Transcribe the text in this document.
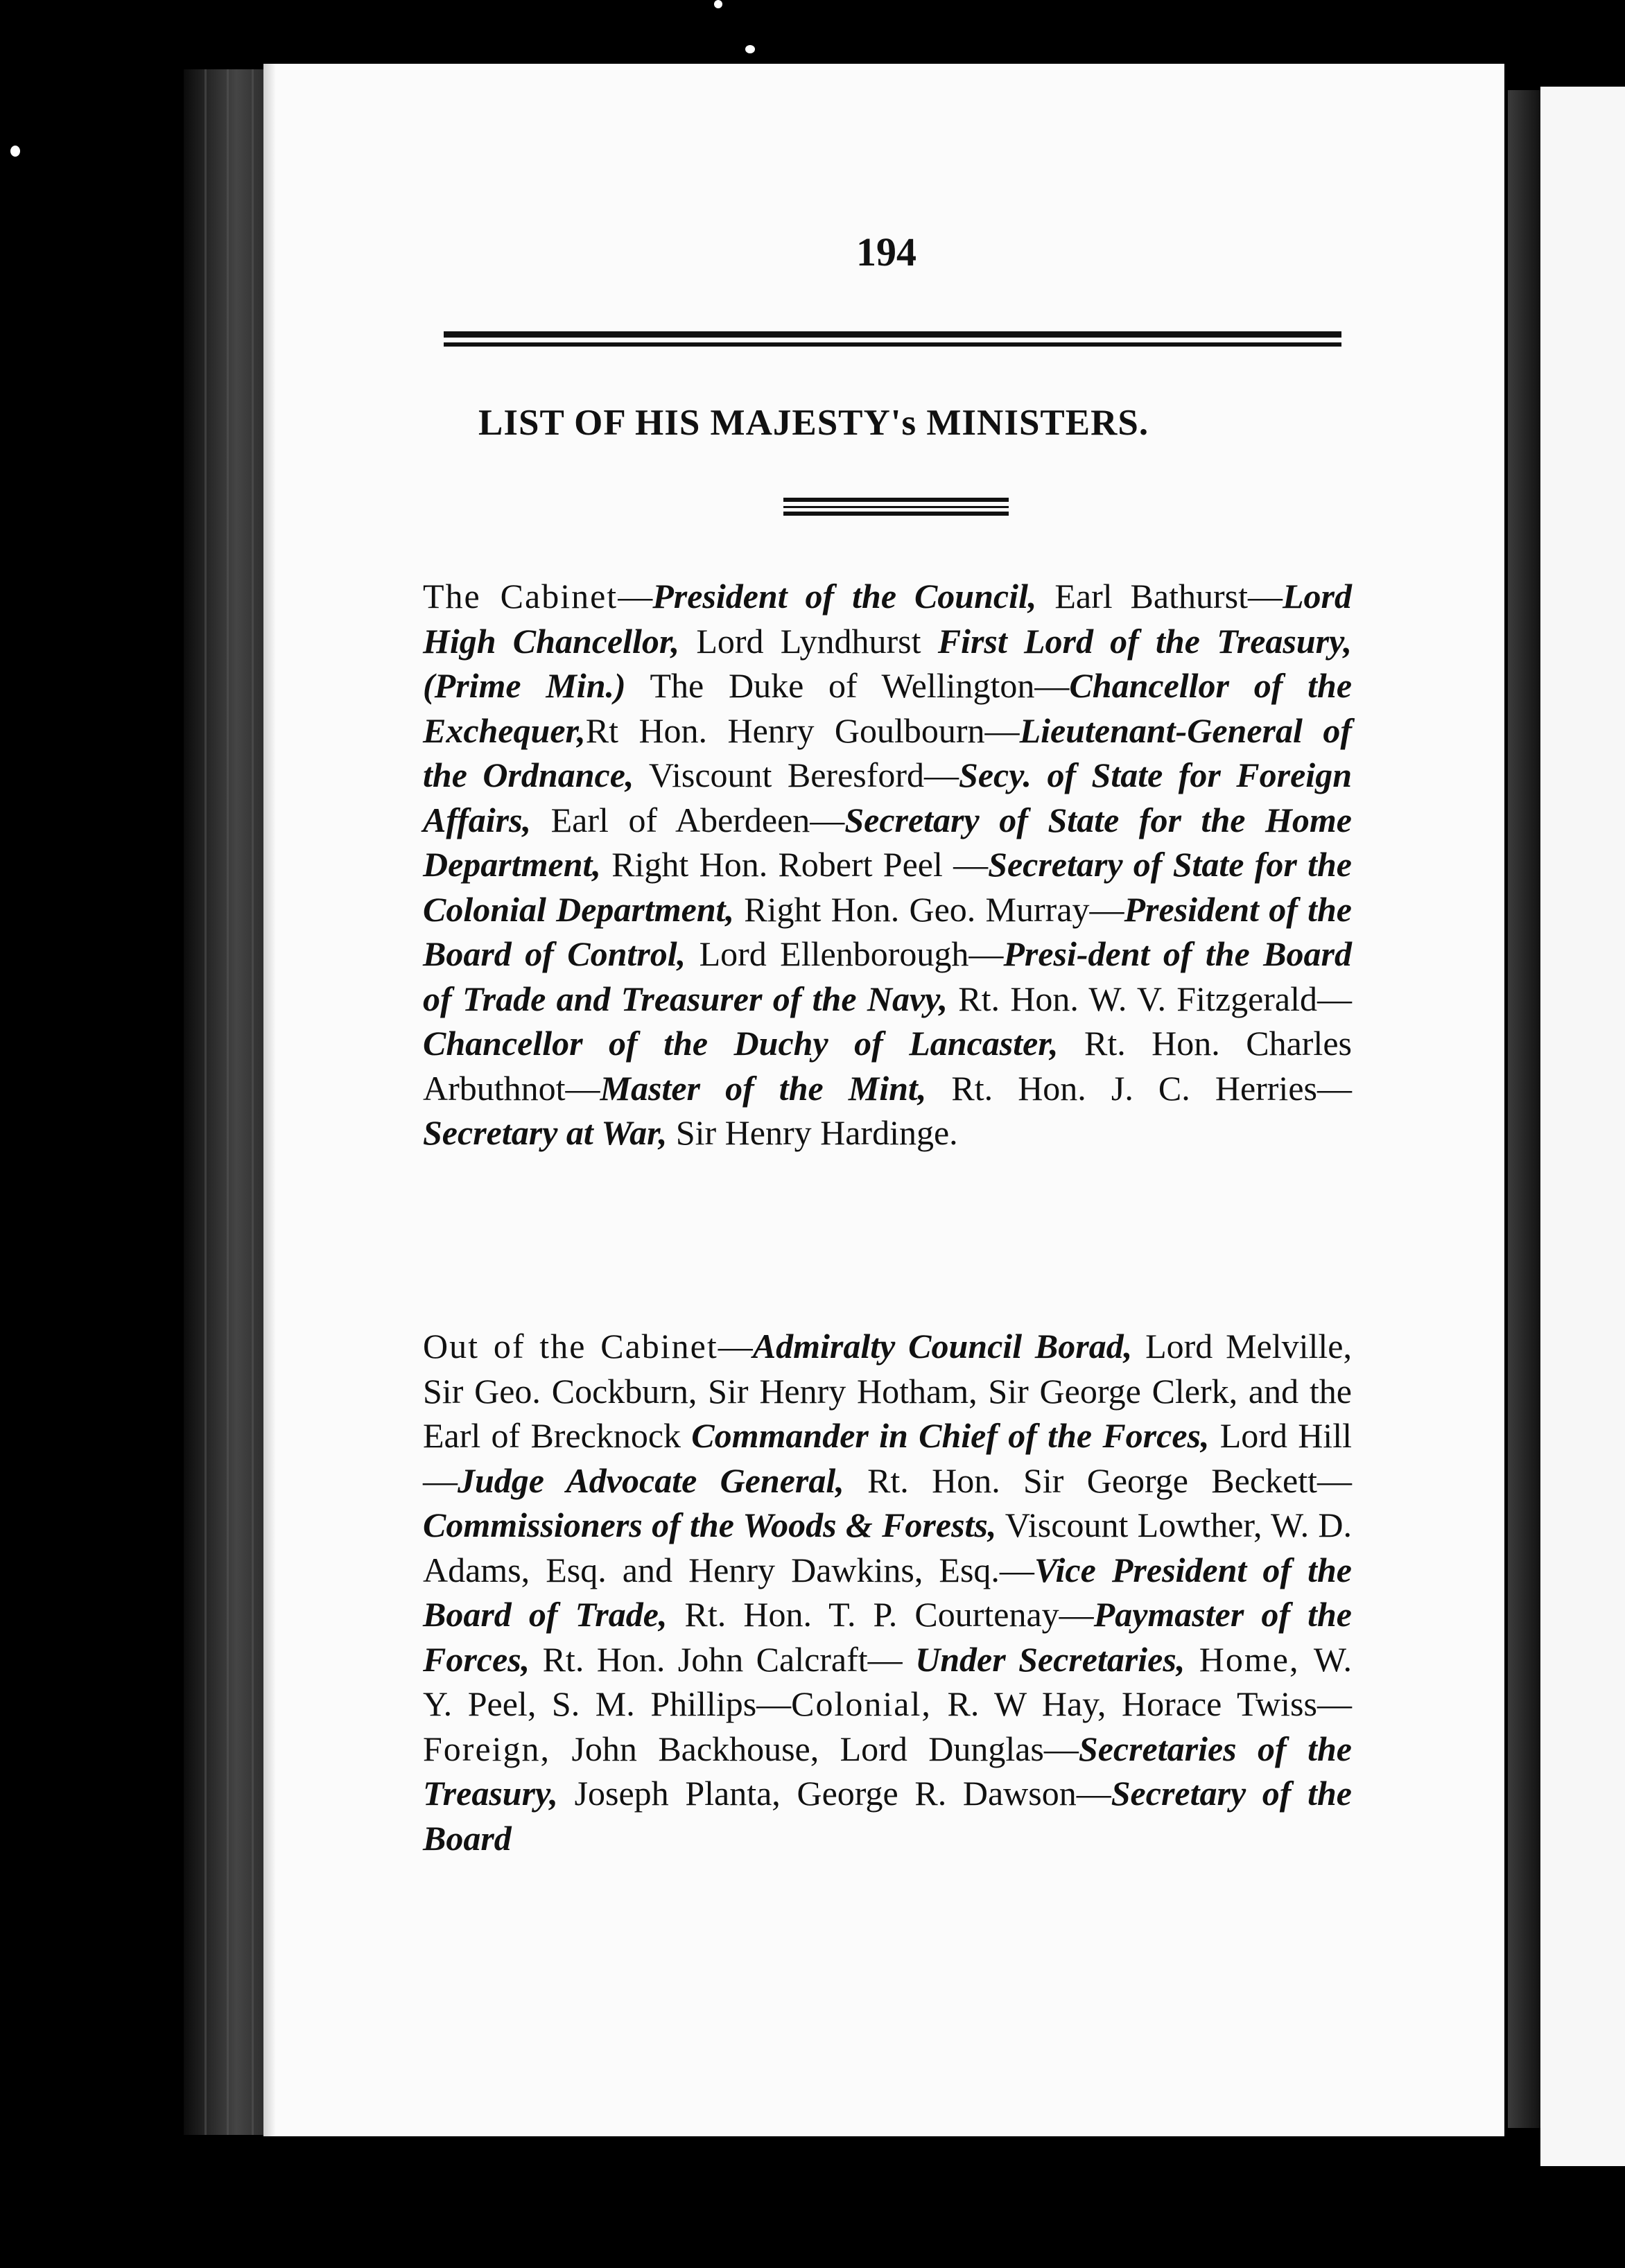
194
LIST OF HIS MAJESTY's MINISTERS.
The Cabinet—President of the Council, Earl Bathurst—Lord High Chancellor, Lord Lyndhurst First Lord of the Treasury, (Prime Min.) The Duke of Wellington—Chancellor of the Exchequer,Rt Hon. Henry Goulbourn—Lieutenant-General of the Ordnance, Viscount Beresford—Secy. of State for Foreign Affairs, Earl of Aberdeen—Secretary of State for the Home Department, Right Hon. Robert Peel —Secretary of State for the Colonial Department, Right Hon. Geo. Murray—President of the Board of Control, Lord Ellenborough—Presi-dent of the Board of Trade and Treasurer of the Navy, Rt. Hon. W. V. Fitzgerald—Chancellor of the Duchy of Lancaster, Rt. Hon. Charles Arbuthnot—Master of the Mint, Rt. Hon. J. C. Herries—Secretary at War, Sir Henry Hardinge.
Out of the Cabinet—Admiralty Council Borad, Lord Melville, Sir Geo. Cockburn, Sir Henry Hotham, Sir George Clerk, and the Earl of Brecknock Commander in Chief of the Forces, Lord Hill—Judge Advocate General, Rt. Hon. Sir George Beckett— Commissioners of the Woods & Forests, Viscount Lowther, W. D. Adams, Esq. and Henry Dawkins, Esq.—Vice President of the Board of Trade, Rt. Hon. T. P. Courtenay—Paymaster of the Forces, Rt. Hon. John Calcraft— Under Secretaries, Home, W. Y. Peel, S. M. Phillips—Colonial, R. W Hay, Horace Twiss—Foreign, John Backhouse, Lord Dunglas—Secretaries of the Treasury, Joseph Planta, George R. Dawson—Secretary of the Board
